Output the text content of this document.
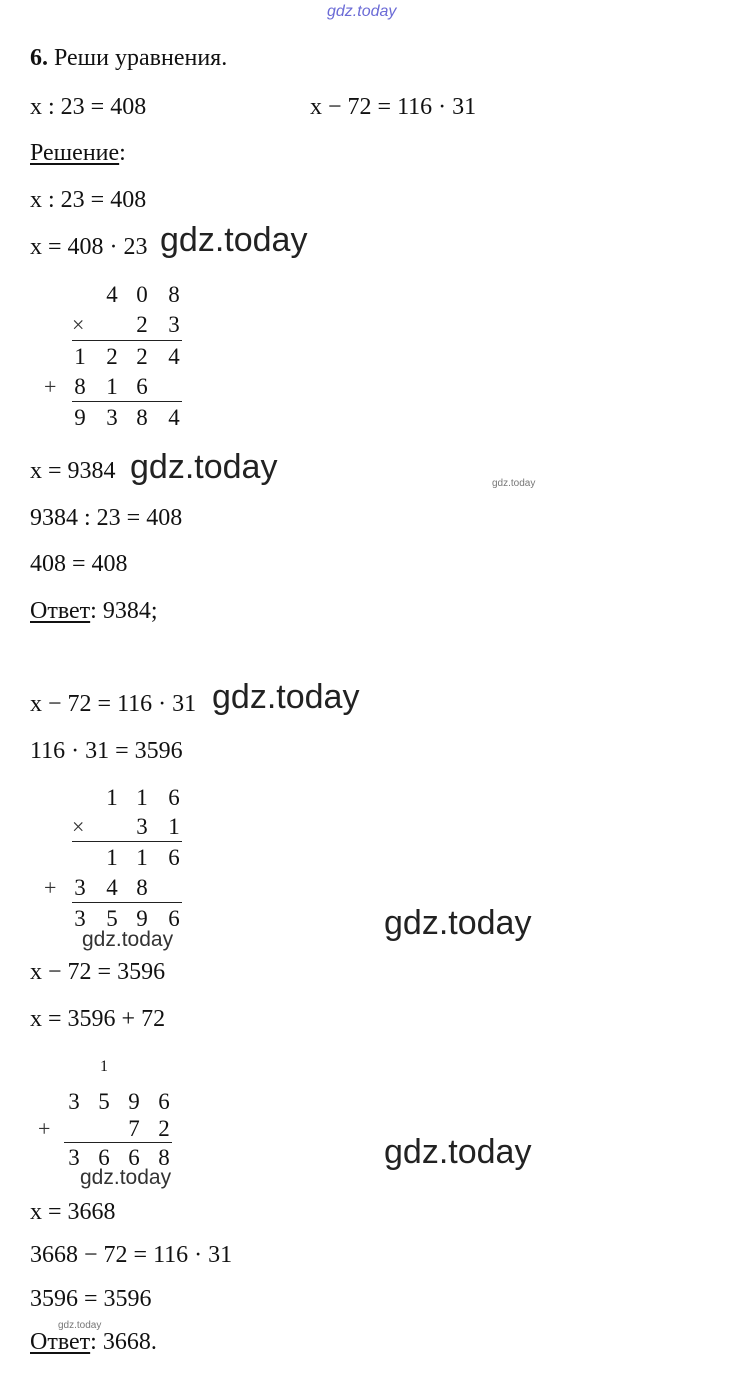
gdz.today
6. Реши уравнения.
x : 23 = 408	x − 72 = 116 · 31
Решение:
x : 23 = 408
x = 408 · 23 gdz.today
4 0 8
× 2 3
1 2 2 4
+ 8 1 6
9 3 8 4
x = 9384 gdz.today	gdz.today
9384 : 23 = 408
408 = 408
Ответ: 9384;
x − 72 = 116 · 31 gdz.today
116 · 31 = 3596
1 1 6
× 3 1
1 1 6
+ 3 4 8
3 5 9 6
gdz.today	gdz.today
x − 72 = 3596
x = 3596 + 72
1
3 5 9 6
+	7 2
3 6 6 8
gdz.today
gdz.today
x = 3668
3668 − 72 = 116 · 31
3596 = 3596
gdz.today
Ответ: 3668.
